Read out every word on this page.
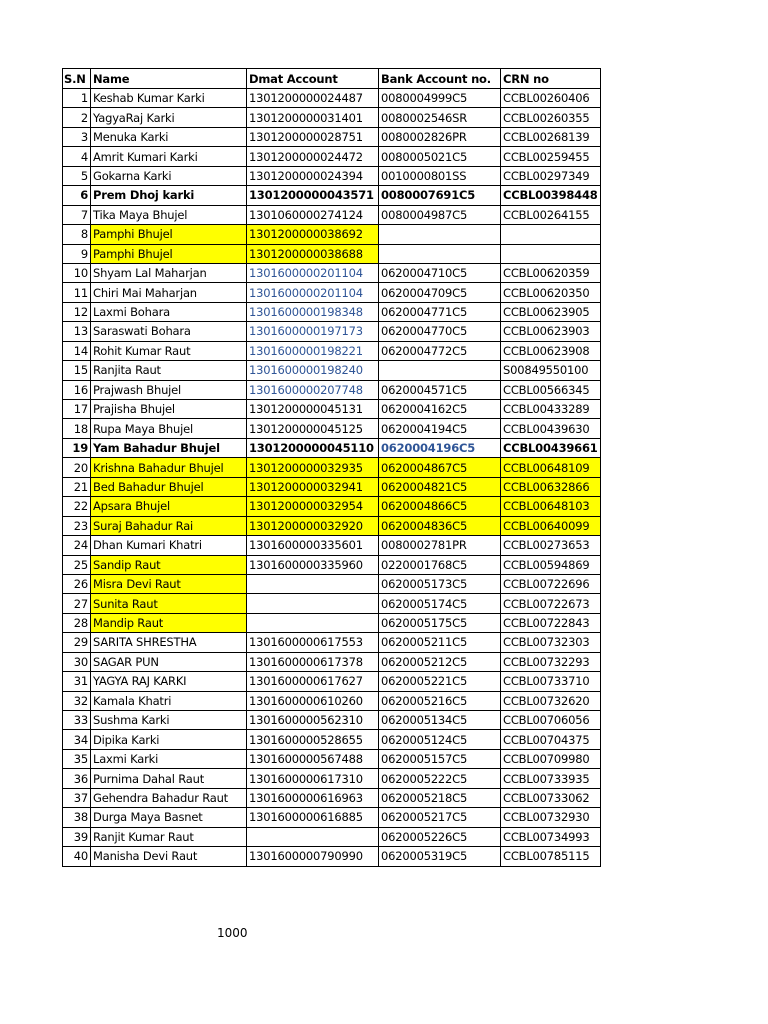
S.N	Name	Dmat Account	Bank Account no.	CRN no
1	Keshab Kumar Karki	1301200000024487	0080004999C5	CCBL00260406
2	YagyaRaj Karki	1301200000031401	0080002546SR	CCBL00260355
3	Menuka Karki	1301200000028751	0080002826PR	CCBL00268139
4	Amrit Kumari Karki	1301200000024472	0080005021C5	CCBL00259455
5	Gokarna Karki	1301200000024394	0010000801SS	CCBL00297349
6	Prem Dhoj karki	1301200000043571	0080007691C5	CCBL00398448
7	Tika Maya Bhujel	1301060000274124	0080004987C5	CCBL00264155
8	Pamphi Bhujel	1301200000038692		
9	Pamphi Bhujel	1301200000038688		
10	Shyam Lal Maharjan	1301600000201104	0620004710C5	CCBL00620359
11	Chiri Mai Maharjan	1301600000201104	0620004709C5	CCBL00620350
12	Laxmi Bohara	1301600000198348	0620004771C5	CCBL00623905
13	Saraswati Bohara	1301600000197173	0620004770C5	CCBL00623903
14	Rohit Kumar Raut	1301600000198221	0620004772C5	CCBL00623908
15	Ranjita Raut	1301600000198240		S00849550100
16	Prajwash Bhujel	1301600000207748	0620004571C5	CCBL00566345
17	Prajisha Bhujel	1301200000045131	0620004162C5	CCBL00433289
18	Rupa Maya Bhujel	1301200000045125	0620004194C5	CCBL00439630
19	Yam Bahadur Bhujel	1301200000045110	0620004196C5	CCBL00439661
20	Krishna Bahadur Bhujel	1301200000032935	0620004867C5	CCBL00648109
21	Bed Bahadur Bhujel	1301200000032941	0620004821C5	CCBL00632866
22	Apsara Bhujel	1301200000032954	0620004866C5	CCBL00648103
23	Suraj Bahadur Rai	1301200000032920	0620004836C5	CCBL00640099
24	Dhan Kumari Khatri	1301600000335601	0080002781PR	CCBL00273653
25	Sandip Raut	1301600000335960	0220001768C5	CCBL00594869
26	Misra Devi Raut		0620005173C5	CCBL00722696
27	Sunita Raut		0620005174C5	CCBL00722673
28	Mandip Raut		0620005175C5	CCBL00722843
29	SARITA SHRESTHA	1301600000617553	0620005211C5	CCBL00732303
30	SAGAR PUN	1301600000617378	0620005212C5	CCBL00732293
31	YAGYA RAJ KARKI	1301600000617627	0620005221C5	CCBL00733710
32	Kamala Khatri	1301600000610260	0620005216C5	CCBL00732620
33	Sushma Karki	1301600000562310	0620005134C5	CCBL00706056
34	Dipika Karki	1301600000528655	0620005124C5	CCBL00704375
35	Laxmi Karki	1301600000567488	0620005157C5	CCBL00709980
36	Purnima Dahal Raut	1301600000617310	0620005222C5	CCBL00733935
37	Gehendra Bahadur Raut	1301600000616963	0620005218C5	CCBL00733062
38	Durga Maya Basnet	1301600000616885	0620005217C5	CCBL00732930
39	Ranjit Kumar Raut		0620005226C5	CCBL00734993
40	Manisha Devi Raut	1301600000790990	0620005319C5	CCBL00785115
1000
